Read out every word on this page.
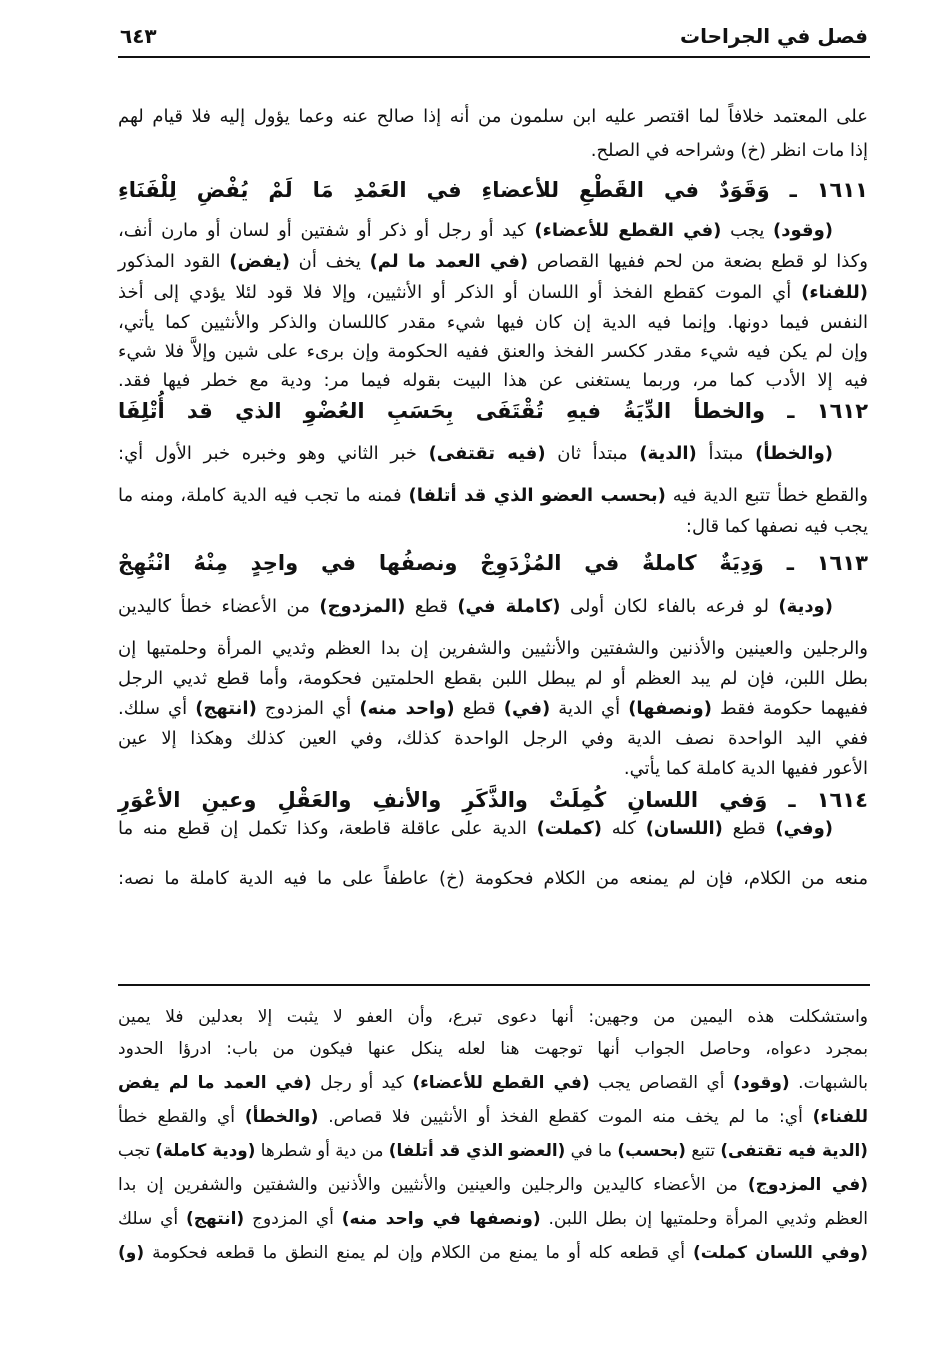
فصل في الجراحات
٦٤٣
على المعتمد خلافاً لما اقتصر عليه ابن سلمون من أنه إذا صالح عنه وعما يؤول إليه فلا قيام لهم
إذا مات انظر (خ) وشراحه في الصلح.
١٦١١ ـ وَقَوَدٌ في القَطْعِ للأعضاءِ في العَمْدِ مَا لَمْ يُفْضِ لِلْفَنَاءِ
(وقود) يجب (في القطع للأعضاء) كيد أو رجل أو ذكر أو شفتين أو لسان أو مارن أنف،
وكذا لو قطع بضعة من لحم ففيها القصاص (في العمد ما لم) يخف أن (يفض) القود المذكور
(للفناء) أي الموت كقطع الفخذ أو اللسان أو الذكر أو الأنثيين، وإلا فلا قود لئلا يؤدي إلى أخذ
النفس فيما دونها. وإنما فيه الدية إن كان فيها شيء مقدر كاللسان والذكر والأنثيين كما يأتي،
وإن لم يكن فيه شيء مقدر ككسر الفخذ والعنق ففيه الحكومة وإن برىء على شين وإلاَّ فلا شيء
فيه إلا الأدب كما مر، وربما يستغنى عن هذا البيت بقوله فيما مر: ودية مع خطر فيها فقد.
١٦١٢ ـ والخطأ الدِّيَةُ فيهِ تُقْتَفَى بِحَسَبِ العُضْوِ الذي قد أُتْلِفَا
(والخطأ) مبتدأ (الدية) مبتدأ ثان (فيه تقتفى) خبر الثاني وهو وخبره خبر الأول أي:
والقطع خطأ تتبع الدية فيه (بحسب العضو الذي قد أتلفا) فمنه ما تجب فيه الدية كاملة، ومنه ما
يجب فيه نصفها كما قال:
١٦١٣ ـ وَدِيَةٌ كاملةٌ في المُزْدَوِجْ ونصفُها في واحِدٍ مِنْهُ انْتُهِجْ
(ودية) لو فرعه بالفاء لكان أولى (كاملة في) قطع (المزدوج) من الأعضاء خطأ كاليدين
والرجلين والعينين والأذنين والشفتين والأنثيين والشفرين إن بدا العظم وثديي المرأة وحلمتيها إن
بطل اللبن، فإن لم يبد العظم أو لم يبطل اللبن بقطع الحلمتين فحكومة، وأما قطع ثديي الرجل
ففيهما حكومة فقط (ونصفها) أي الدية (في) قطع (واحد منه) أي المزدوج (انتهج) أي سلك.
ففي اليد الواحدة نصف الدية وفي الرجل الواحدة كذلك، وفي العين كذلك وهكذا إلا عين
الأعور ففيها الدية كاملة كما يأتي.
١٦١٤ ـ وَفي اللسانِ كُمِلَتْ والذَّكَرِ والأنفِ والعَقْلِ وعينِ الأعْوَرِ
(وفي) قطع (اللسان) كله (كملت) الدية على عاقلة قاطعة، وكذا تكمل إن قطع منه ما
منعه من الكلام، فإن لم يمنعه من الكلام فحكومة (خ) عاطفاً على ما فيه الدية كاملة ما نصه:
واستشكلت هذه اليمين من وجهين: أنها دعوى تبرع، وأن العفو لا يثبت إلا بعدلين فلا يمين
بمجرد دعواه، وحاصل الجواب أنها توجهت هنا لعله ينكل عنها فيكون من باب: ادرؤا الحدود
بالشبهات. (وقود) أي القصاص يجب (في القطع للأعضاء) كيد أو رجل (في العمد ما لم يفض
للفناء) أي: ما لم يخف منه الموت كقطع الفخذ أو الأنثيين فلا قصاص. (والخطأ) أي والقطع خطأ
(الدية فيه تقتفى) تتبع (بحسب) ما في (العضو الذي قد أتلفا) من دية أو شطرها (ودية كاملة) تجب
(في المزدوج) من الأعضاء كاليدين والرجلين والعينين والأنثيين والأذنين والشفتين والشفرين إن بدا
العظم وثديي المرأة وحلمتيها إن بطل اللبن. (ونصفها في واحد منه) أي المزدوج (انتهج) أي سلك
(وفي اللسان كملت) أي قطعه كله أو ما يمنع من الكلام وإن لم يمنع النطق ما قطعه فحكومة (و)
